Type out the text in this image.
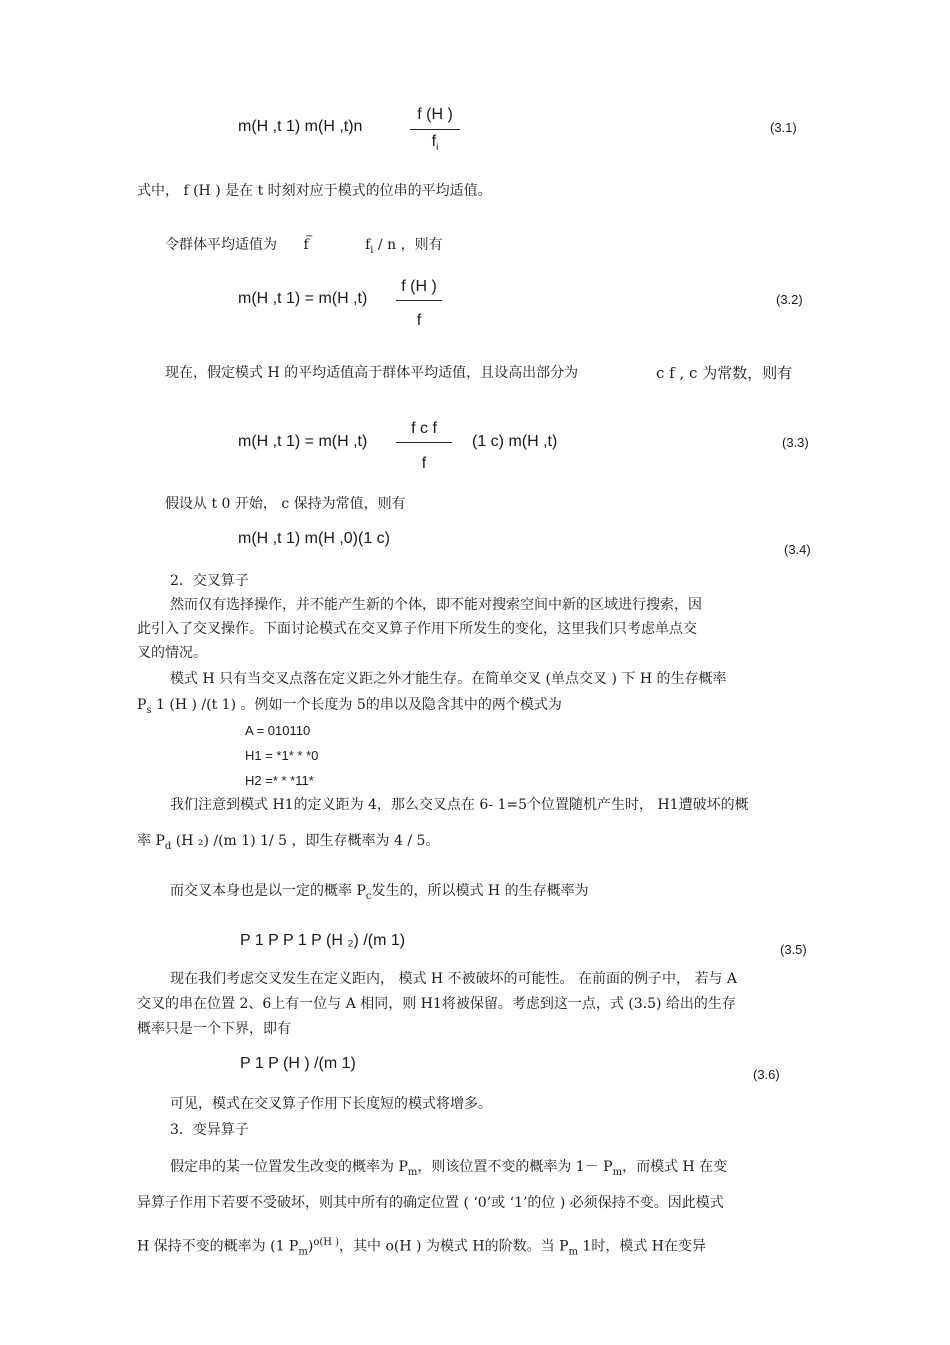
m(H ,t 1) m(H ,t)n
f (H )
$f_i$
(3.1)
式中， f (H ) 是在 t 时刻对应于模式的位串的平均适值。
令群体平均适值为
−
f	$f_i$ / n ，则有
m(H ,t 1) = m(H ,t)
f (H )
f
(3.2)
现在，假定模式 H 的平均适值高于群体平均适值，且设高出部分为	c f , c 为常数，则有
m(H ,t 1) = m(H ,t)
f c f
f
(1 c) m(H ,t)	(3.3)
假设从 t 0 开始， c 保持为常值，则有
m(H ,t 1) m(H ,0)(1 c)
(3.4)
2．交叉算子
然而仅有选择操作，并不能产生新的个体，即不能对搜索空间中新的区域进行搜索，因
此引入了交叉操作。下面讨论模式在交叉算子作用下所发生的变化，这里我们只考虑单点交
叉的情况。
模式 H 只有当交叉点落在定义距之外才能生存。在简单交叉 (单点交叉 ) 下 H 的生存概率
$P_s$ 1 (H ) /(t 1) 。例如一个长度为 5的串以及隐含其中的两个模式为
A = 010110
H1 = *1* * *0
H2 =* * *11*
我们注意到模式 H1的定义距为 4，那么交叉点在 6- 1=5个位置随机产生时， H1遭破坏的概
率 $P_d$ (H ₂) /(m 1) 1/ 5 ，即生存概率为 4 / 5。
而交叉本身也是以一定的概率 $P_c$发生的，所以模式 H 的生存概率为
P 1 P P 1 P (H ₂) /(m 1)
(3.5)
现在我们考虑交叉发生在定义距内， 模式 H 不被破坏的可能性。 在前面的例子中， 若与 A
交叉的串在位置 2、6上有一位与 A 相同，则 H1将被保留。考虑到这一点，式 (3.5) 给出的生存
概率只是一个下界，即有
P 1 P (H ) /(m 1)
(3.6)
可见，模式在交叉算子作用下长度短的模式将增多。
3．变异算子
假定串的某一位置发生改变的概率为 $P_m$，则该位置不变的概率为 $1- P_m$，而模式 H 在变
异算子作用下若要不受破坏，则其中所有的确定位置 ( ‘0’或 ‘1’的位 ) 必须保持不变。因此模式
H 保持不变的概率为 (1 $P_m)^{o(H )}$，其中 o(H ) 为模式 H的阶数。当 $P_m$ 1时，模式 H在变异
